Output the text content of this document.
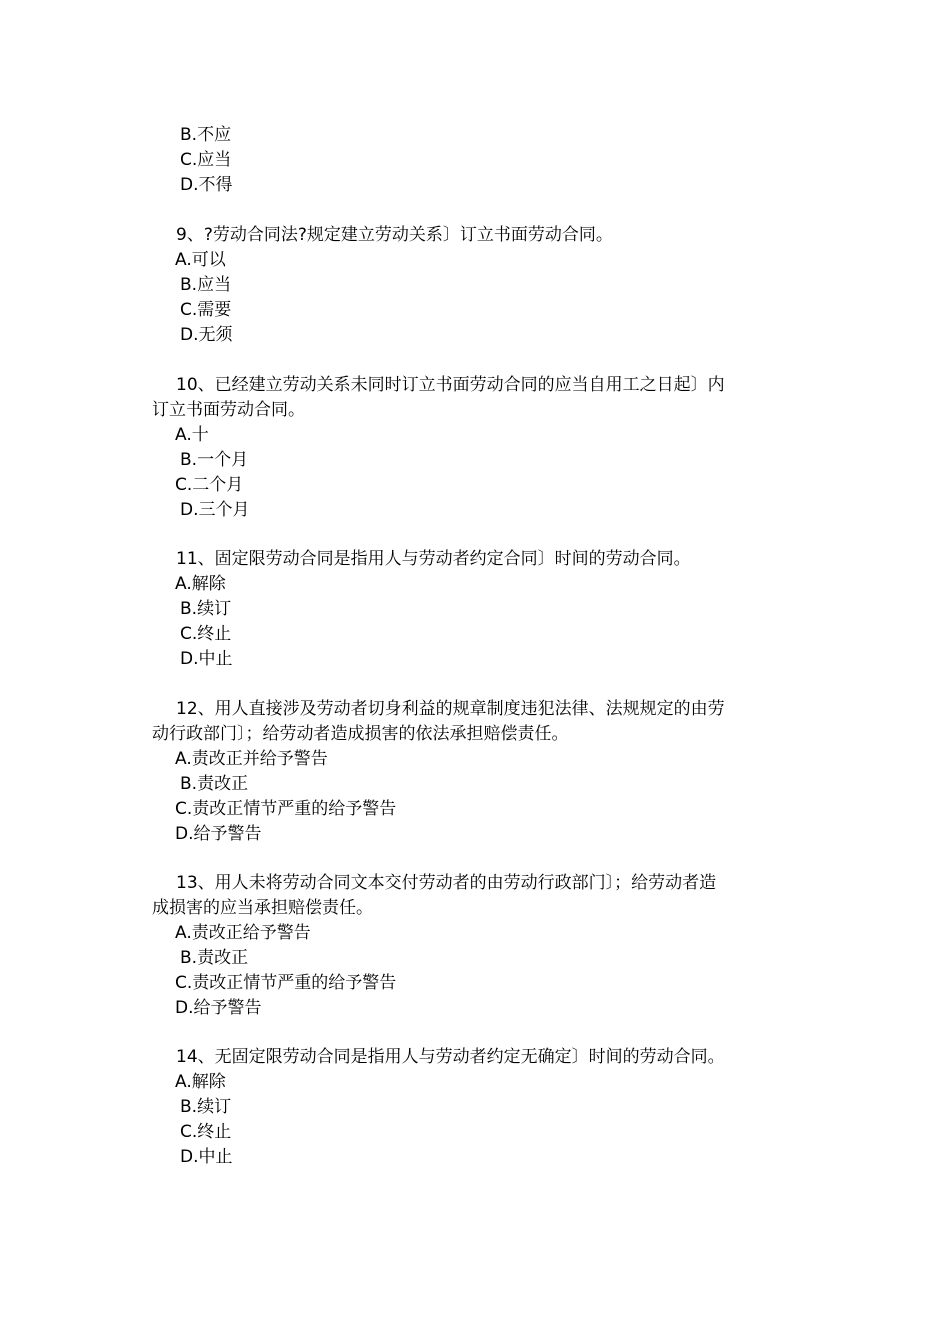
B.不应
C.应当
D.不得
9、?劳动合同法?规定建立劳动关系〕订立书面劳动合同。
A.可以
B.应当
C.需要
D.无须
10、已经建立劳动关系未同时订立书面劳动合同的应当自用工之日起〕内
订立书面劳动合同。
A.十
B.一个月
C.二个月
D.三个月
11、固定限劳动合同是指用人与劳动者约定合同〕时间的劳动合同。
A.解除
B.续订
C.终止
D.中止
12、用人直接涉及劳动者切身利益的规章制度违犯法律、法规规定的由劳
动行政部门〕；给劳动者造成损害的依法承担赔偿责任。
A.责改正并给予警告
B.责改正
C.责改正情节严重的给予警告
D.给予警告
13、用人未将劳动合同文本交付劳动者的由劳动行政部门〕；给劳动者造
成损害的应当承担赔偿责任。
A.责改正给予警告
B.责改正
C.责改正情节严重的给予警告
D.给予警告
14、无固定限劳动合同是指用人与劳动者约定无确定〕时间的劳动合同。
A.解除
B.续订
C.终止
D.中止
